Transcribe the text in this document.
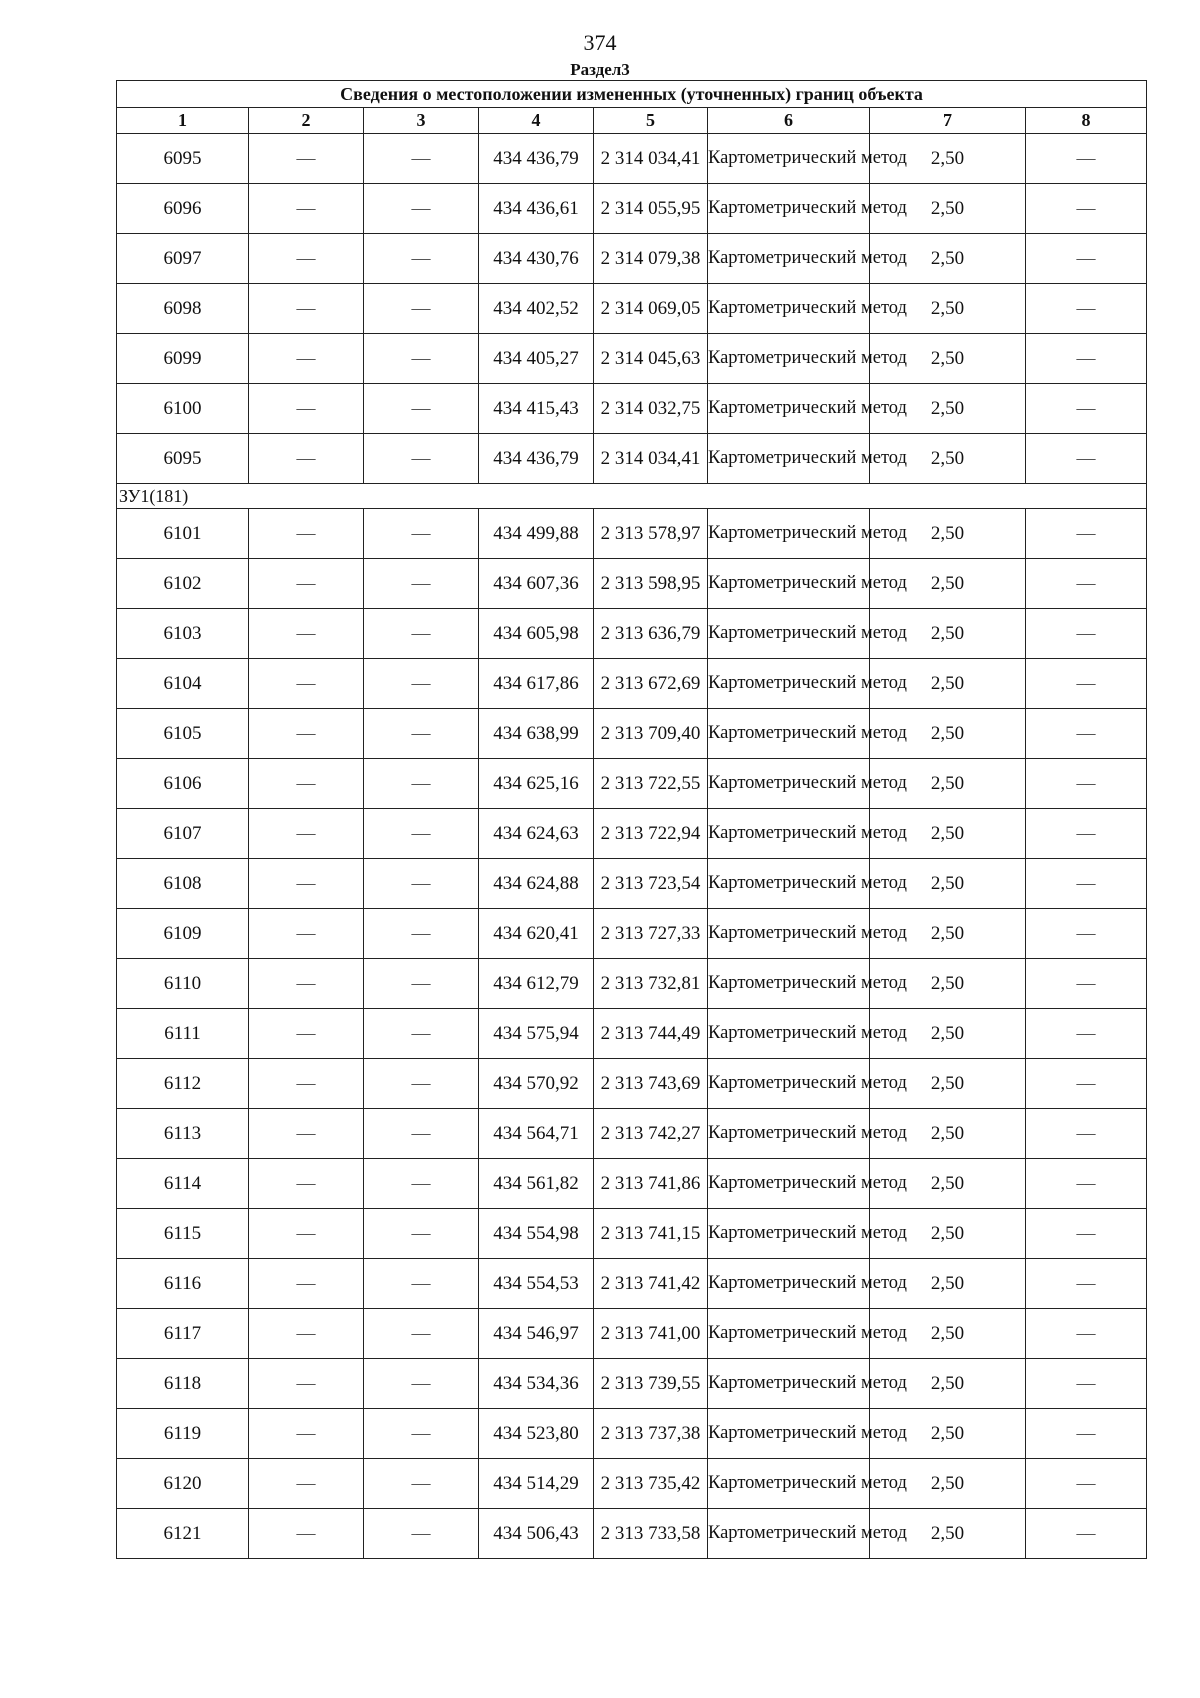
374
Раздел3
Сведения о местоположении измененных (уточненных) границ объекта							
1	2	3	4	5	6	7	8
6095	—	—	434 436,79	2 314 034,41	Картометрический метод	2,50	—
6096	—	—	434 436,61	2 314 055,95	Картометрический метод	2,50	—
6097	—	—	434 430,76	2 314 079,38	Картометрический метод	2,50	—
6098	—	—	434 402,52	2 314 069,05	Картометрический метод	2,50	—
6099	—	—	434 405,27	2 314 045,63	Картометрический метод	2,50	—
6100	—	—	434 415,43	2 314 032,75	Картометрический метод	2,50	—
6095	—	—	434 436,79	2 314 034,41	Картометрический метод	2,50	—
ЗУ1(181)							
6101	—	—	434 499,88	2 313 578,97	Картометрический метод	2,50	—
6102	—	—	434 607,36	2 313 598,95	Картометрический метод	2,50	—
6103	—	—	434 605,98	2 313 636,79	Картометрический метод	2,50	—
6104	—	—	434 617,86	2 313 672,69	Картометрический метод	2,50	—
6105	—	—	434 638,99	2 313 709,40	Картометрический метод	2,50	—
6106	—	—	434 625,16	2 313 722,55	Картометрический метод	2,50	—
6107	—	—	434 624,63	2 313 722,94	Картометрический метод	2,50	—
6108	—	—	434 624,88	2 313 723,54	Картометрический метод	2,50	—
6109	—	—	434 620,41	2 313 727,33	Картометрический метод	2,50	—
6110	—	—	434 612,79	2 313 732,81	Картометрический метод	2,50	—
6111	—	—	434 575,94	2 313 744,49	Картометрический метод	2,50	—
6112	—	—	434 570,92	2 313 743,69	Картометрический метод	2,50	—
6113	—	—	434 564,71	2 313 742,27	Картометрический метод	2,50	—
6114	—	—	434 561,82	2 313 741,86	Картометрический метод	2,50	—
6115	—	—	434 554,98	2 313 741,15	Картометрический метод	2,50	—
6116	—	—	434 554,53	2 313 741,42	Картометрический метод	2,50	—
6117	—	—	434 546,97	2 313 741,00	Картометрический метод	2,50	—
6118	—	—	434 534,36	2 313 739,55	Картометрический метод	2,50	—
6119	—	—	434 523,80	2 313 737,38	Картометрический метод	2,50	—
6120	—	—	434 514,29	2 313 735,42	Картометрический метод	2,50	—
6121	—	—	434 506,43	2 313 733,58	Картометрический метод	2,50	—
